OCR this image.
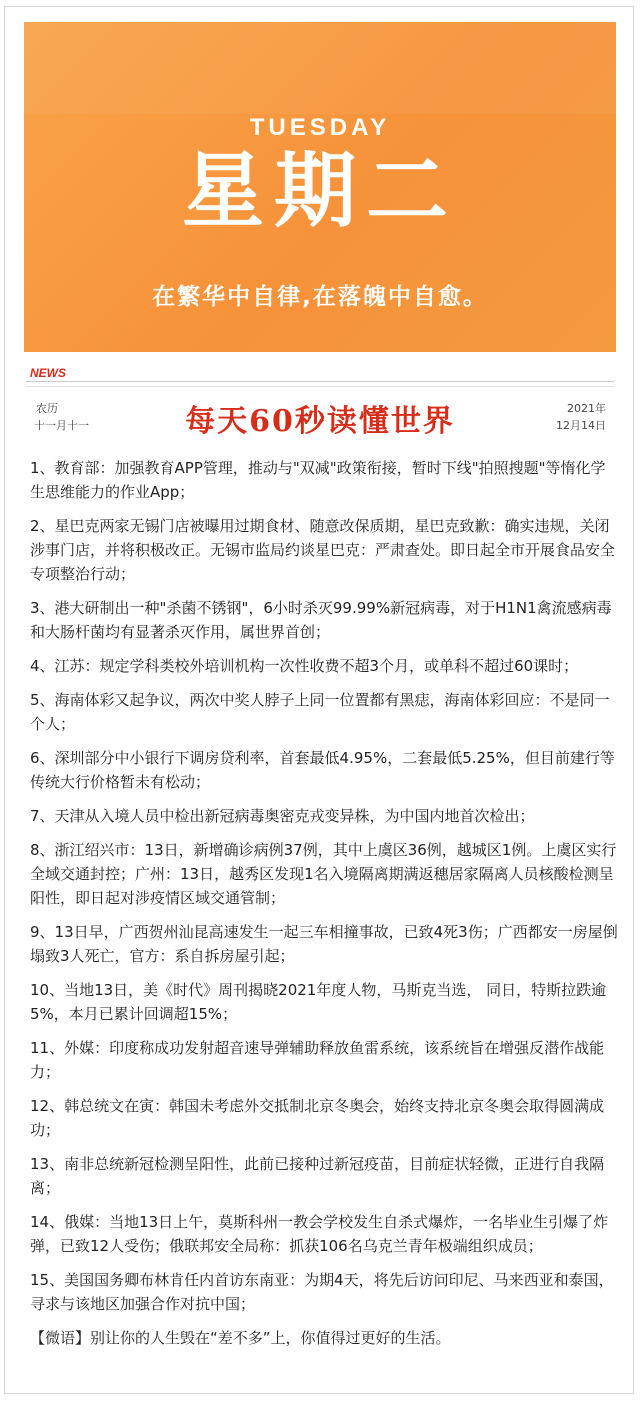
TUESDAY
星期二
在繁华中自律,在落魄中自愈。
NEWS
农历
十一月十一	每天60秒读懂世界	2021年
12月14日
1、教育部：加强教育APP管理，推动与"双减"政策衔接，暂时下线"拍照搜题"等惰化学生思维能力的作业App；
2、星巴克两家无锡门店被曝用过期食材、随意改保质期，星巴克致歉：确实违规，关闭涉事门店，并将积极改正。无锡市监局约谈星巴克：严肃查处。即日起全市开展食品安全专项整治行动；
3、港大研制出一种"杀菌不锈钢"，6小时杀灭99.99%新冠病毒，对于H1N1禽流感病毒和大肠杆菌均有显著杀灭作用，属世界首创；
4、江苏：规定学科类校外培训机构一次性收费不超3个月，或单科不超过60课时；
5、海南体彩又起争议，两次中奖人脖子上同一位置都有黑痣，海南体彩回应：不是同一个人；
6、深圳部分中小银行下调房贷利率，首套最低4.95%，二套最低5.25%，但目前建行等传统大行价格暂未有松动；
7、天津从入境人员中检出新冠病毒奥密克戎变异株，为中国内地首次检出；
8、浙江绍兴市：13日，新增确诊病例37例，其中上虞区36例，越城区1例。上虞区实行全域交通封控；广州：13日，越秀区发现1名入境隔离期满返穗居家隔离人员核酸检测呈阳性，即日起对涉疫情区域交通管制；
9、13日早，广西贺州汕昆高速发生一起三车相撞事故，已致4死3伤；广西都安一房屋倒塌致3人死亡，官方：系自拆房屋引起；
10、当地13日，美《时代》周刊揭晓2021年度人物，马斯克当选， 同日，特斯拉跌逾5%，本月已累计回调超15%；
11、外媒：印度称成功发射超音速导弹辅助释放鱼雷系统，该系统旨在增强反潜作战能力；
12、韩总统文在寅：韩国未考虑外交抵制北京冬奥会，始终支持北京冬奥会取得圆满成功；
13、南非总统新冠检测呈阳性，此前已接种过新冠疫苗，目前症状轻微，正进行自我隔离；
14、俄媒：当地13日上午，莫斯科州一教会学校发生自杀式爆炸，一名毕业生引爆了炸弹，已致12人受伤；俄联邦安全局称：抓获106名乌克兰青年极端组织成员；
15、美国国务卿布林肯任内首访东南亚：为期4天，将先后访问印尼、马来西亚和泰国，寻求与该地区加强合作对抗中国；
【微语】别让你的人生毁在“差不多”上，你值得过更好的生活。
